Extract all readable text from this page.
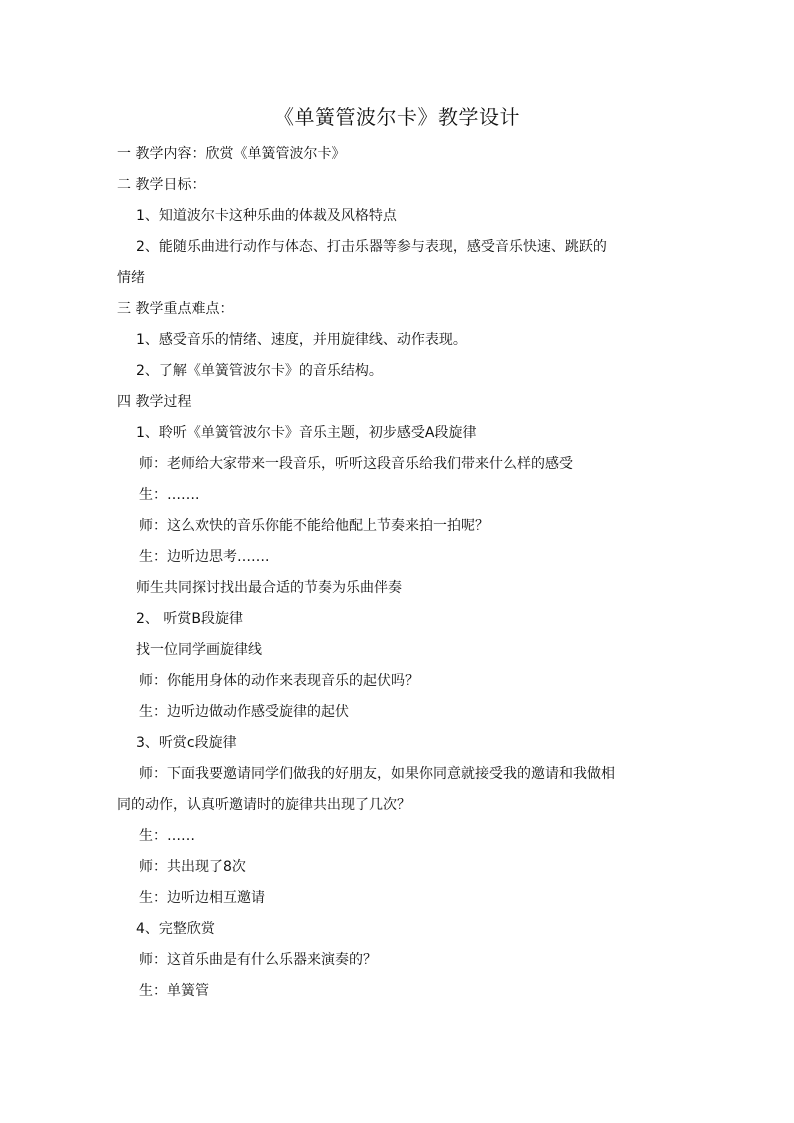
《单簧管波尔卡》教学设计
一 教学内容：欣赏《单簧管波尔卡》
二 教学日标：
1、知道波尔卡这种乐曲的体裁及风格特点
2、能随乐曲进行动作与体态、打击乐器等参与表现，感受音乐快速、跳跃的
情绪
三 教学重点难点：
1、感受音乐的情绪、速度，并用旋律线、动作表现。
2、了解《单簧管波尔卡》的音乐结构。
四 教学过程
1、聆听《单簧管波尔卡》音乐主题，初步感受A段旋律
师：老师给大家带来一段音乐，听听这段音乐给我们带来什么样的感受
生：…….
师：这么欢快的音乐你能不能给他配上节奏来拍一拍呢？
生：边听边思考…….
师生共同探讨找出最合适的节奏为乐曲伴奏
2、 听赏B段旋律
找一位同学画旋律线
师：你能用身体的动作来表现音乐的起伏吗？
生：边听边做动作感受旋律的起伏
3、听赏c段旋律
师：下面我要邀请同学们做我的好朋友，如果你同意就接受我的邀请和我做相
同的动作，认真听邀请时的旋律共出现了几次？
生：……
师：共出现了8次
生：边听边相互邀请
4、完整欣赏
师：这首乐曲是有什么乐器来演奏的？
生：单簧管
